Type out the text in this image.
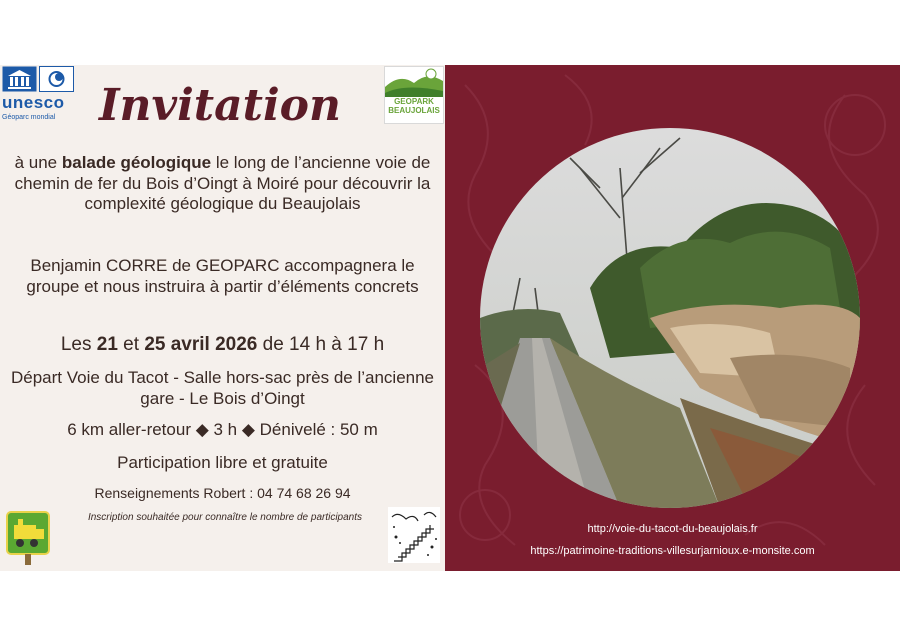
unesco
Géoparc mondial
GEOPARK
BEAUJOLAIS
Invitation
à une balade géologique le long de l’ancienne voie de chemin de fer du Bois d’Oingt à Moiré pour découvrir la complexité géologique du Beaujolais
Benjamin CORRE de GEOPARC accompagnera le groupe et nous instruira à partir d’éléments concrets
Les 21 et 25 avril 2026 de 14 h à 17 h
Départ Voie du Tacot - Salle hors-sac près de l’ancienne gare - Le Bois d’Oingt
6 km aller-retour ◆ 3 h ◆ Dénivelé : 50 m
Participation libre et gratuite
Renseignements Robert : 04 74 68 26 94
Inscription souhaitée pour connaître le nombre de participants
http://voie-du-tacot-du-beaujolais.fr
https://patrimoine-traditions-villesurjarnioux.e-monsite.com
